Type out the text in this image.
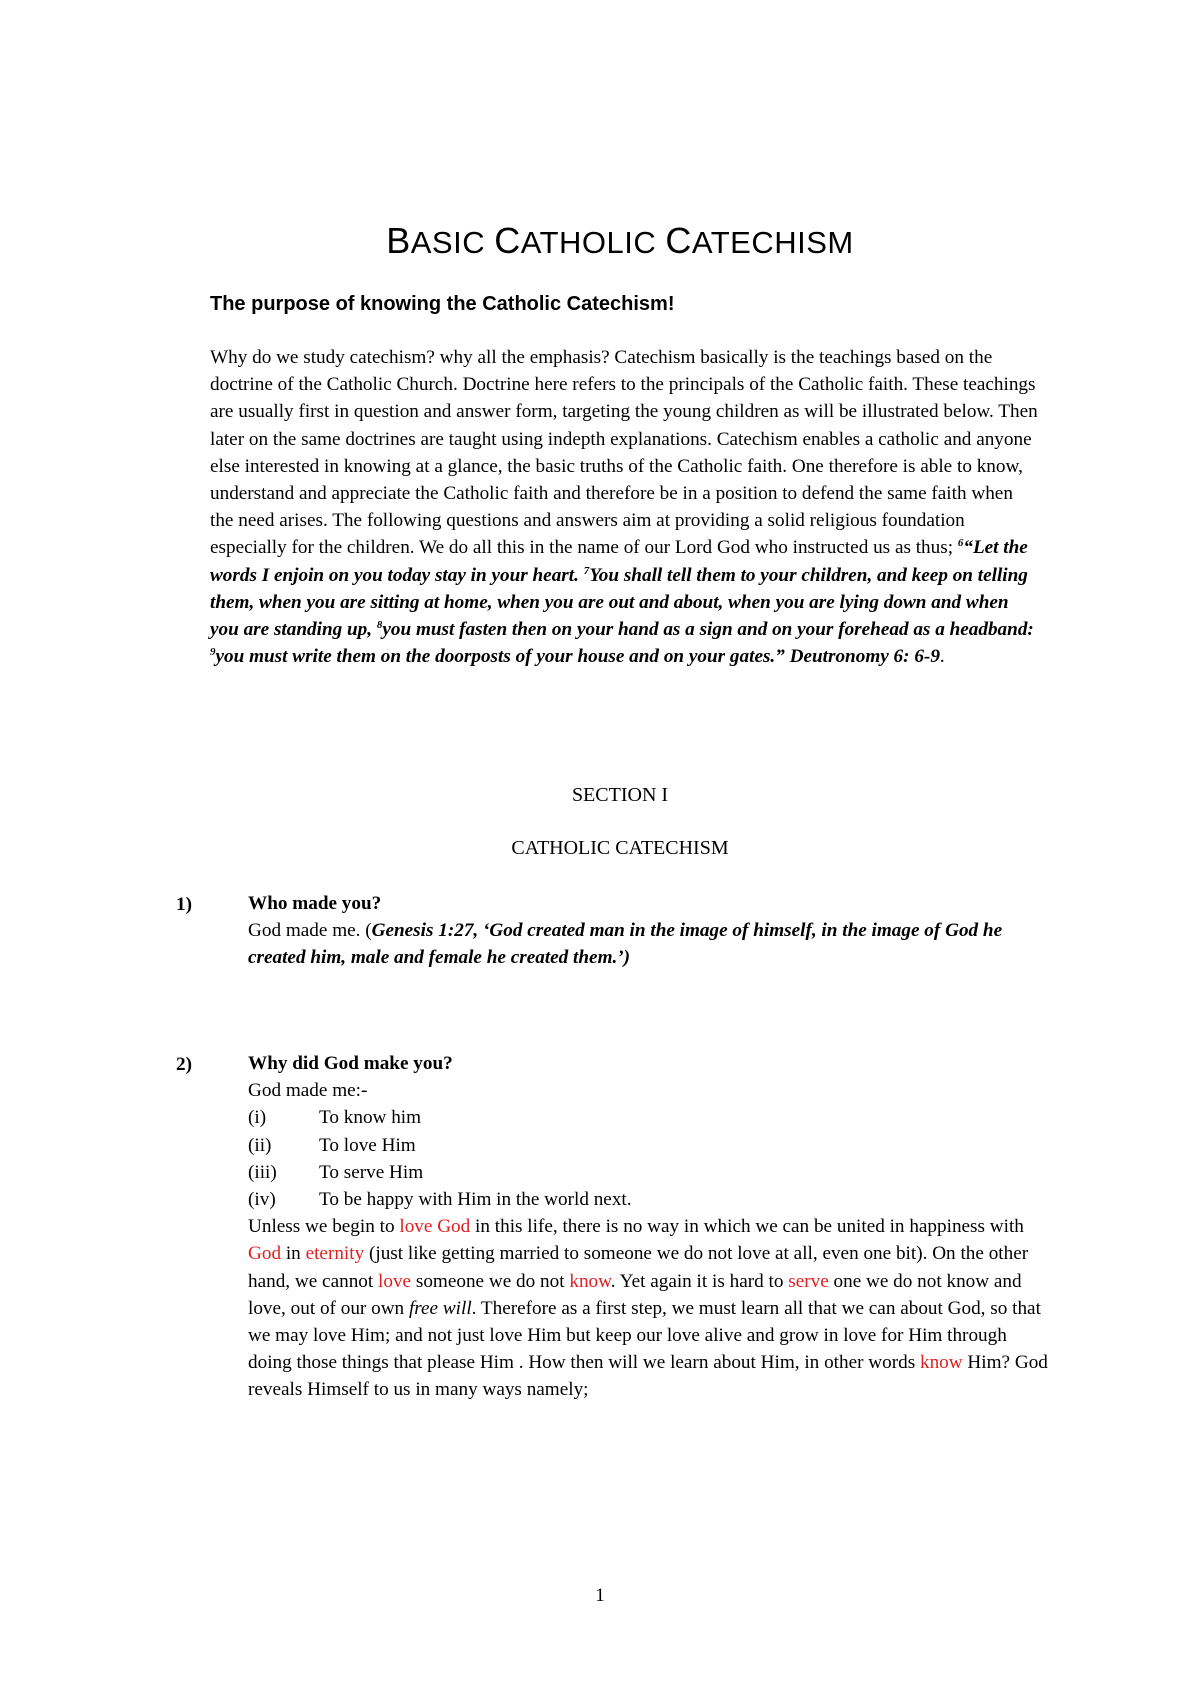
BASIC CATHOLIC CATECHISM
The purpose of knowing the Catholic Catechism!
Why do we study catechism? why all the emphasis? Catechism basically is the teachings based on the doctrine of the Catholic Church. Doctrine here refers to the principals of the Catholic faith. These teachings are usually first in question and answer form, targeting the young children as will be illustrated below. Then later on the same doctrines are taught using indepth explanations. Catechism enables a catholic and anyone else interested in knowing at a glance, the basic truths of the Catholic faith. One therefore is able to know, understand and appreciate the Catholic faith and therefore be in a position to defend the same faith when the need arises. The following questions and answers aim at providing a solid religious foundation especially for the children. We do all this in the name of our Lord God who instructed us as thus; $^6$“Let the words I enjoin on you today stay in your heart. $^7$You shall tell them to your children, and keep on telling them, when you are sitting at home, when you are out and about, when you are lying down and when you are standing up, $^8$you must fasten then on your hand as a sign and on your forehead as a headband: $^9$you must write them on the doorposts of your house and on your gates.” Deutronomy 6: 6-9.
SECTION I
CATHOLIC CATECHISM
1)	Who made you?
God made me. (Genesis 1:27, ‘God created man in the image of himself, in the image of God he created him, male and female he created them.’)
2)	Why did God make you?
God made me:-
(i)	To know him
(ii)	To love Him
(iii)	To serve Him
(iv)	To be happy with Him in the world next.
Unless we begin to love God in this life, there is no way in which we can be united in happiness with God in eternity (just like getting married to someone we do not love at all, even one bit). On the other hand, we cannot love someone we do not know. Yet again it is hard to serve one we do not know and love, out of our own free will. Therefore as a first step, we must learn all that we can about God, so that we may love Him; and not just love Him but keep our love alive and grow in love for Him through doing those things that please Him . How then will we learn about Him, in other words know Him? God reveals Himself to us in many ways namely;
1
